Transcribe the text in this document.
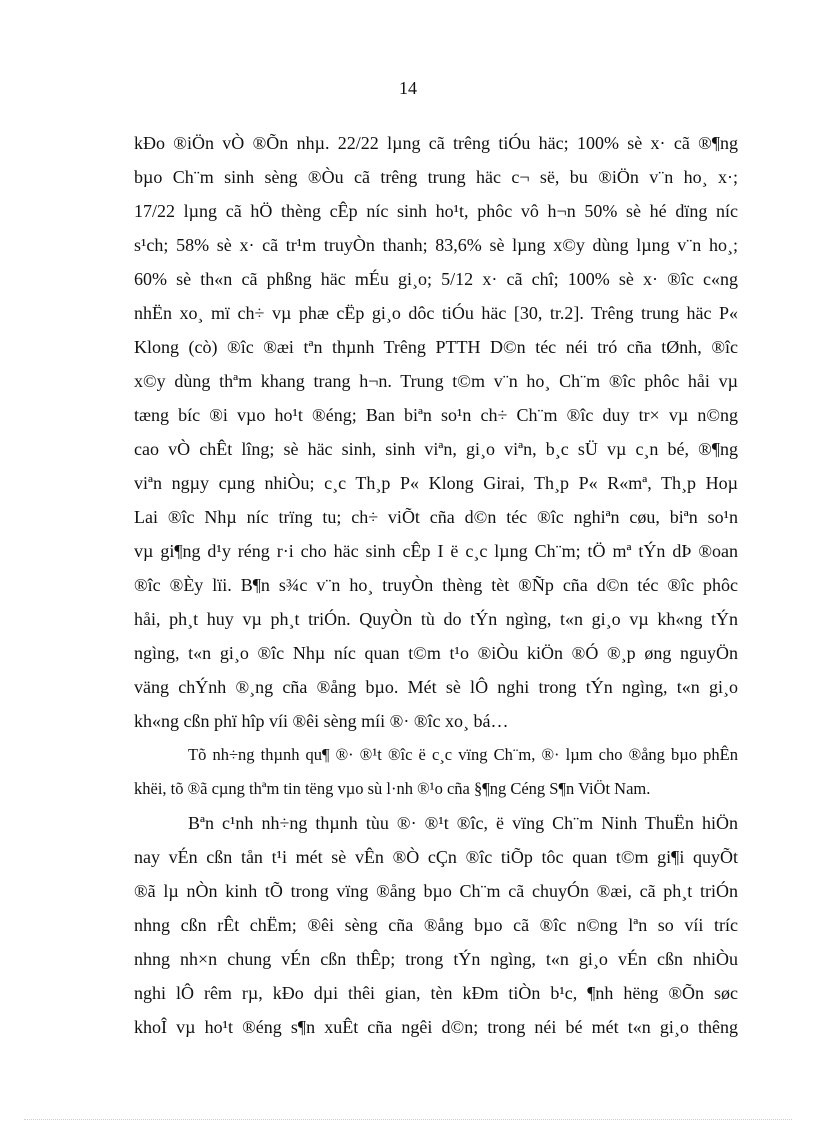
14
kÐo ®iÖn vÒ ®Õn nhµ. 22/22 lµng cã trêng tiÓu häc; 100% sè x· cã ®¶ng
bµo Ch¨m sinh sèng ®Òu cã trêng trung häc c¬ së, bu ®iÖn v¨n ho¸ x·;
17/22 lµng cã hÖ thèng cÊp níc sinh ho¹t, phôc vô h¬n 50% sè hé dïng níc
s¹ch; 58% sè x· cã tr¹m truyÒn thanh; 83,6% sè lµng x©y dùng lµng v¨n ho¸;
60% sè th«n cã phßng häc mÉu gi¸o; 5/12 x· cã chî; 100% sè x· ®îc c«ng
nhËn xo¸ mï ch÷ vµ phæ cËp gi¸o dôc tiÓu häc [30, tr.2]. Trêng trung häc P«
Klong (cò) ®îc ®æi tªn thµnh Trêng PTTH D©n téc néi tró cña tØnh, ®îc
x©y dùng thªm khang trang h¬n. Trung t©m v¨n ho¸ Ch¨m ®îc phôc håi vµ
tæng bíc ®i vµo ho¹t ®éng; Ban biªn so¹n ch÷ Ch¨m ®îc duy tr× vµ n©ng
cao vÒ chÊt lîng; sè häc sinh, sinh viªn, gi¸o viªn, b¸c sÜ vµ c¸n bé, ®¶ng
viªn ngµy cµng nhiÒu; c¸c Th¸p P« Klong Girai, Th¸p P« R«mª, Th¸p Hoµ
Lai ®îc Nhµ níc trïng tu; ch÷ viÕt cña d©n téc ®îc nghiªn cøu, biªn so¹n
vµ gi¶ng d¹y réng r·i cho häc sinh cÊp I ë c¸c lµng Ch¨m; tÖ mª tÝn dÞ ®oan
®îc ®Èy lïi. B¶n s¾c v¨n ho¸ truyÒn thèng tèt ®Ñp cña d©n téc ®îc phôc
håi, ph¸t huy vµ ph¸t triÓn. QuyÒn tù do tÝn ngìng, t«n gi¸o vµ kh«ng tÝn
ngìng, t«n gi¸o ®îc Nhµ níc quan t©m t¹o ®iÒu kiÖn ®Ó ®¸p øng nguyÖn
väng chÝnh ®¸ng cña ®ång bµo. Mét sè lÔ nghi trong tÝn ngìng, t«n gi¸o
kh«ng cßn phï hîp víi ®êi sèng míi ®· ®îc xo¸ bá…
Tõ nh÷ng thµnh qu¶ ®· ®¹t ®îc ë c¸c vïng Ch¨m, ®· lµm cho ®ång bµo phÊn
khëi, tõ ®ã cµng thªm tin tëng vµo sù l·nh ®¹o cña §¶ng Céng S¶n ViÖt Nam.
Bªn c¹nh nh÷ng thµnh tùu ®· ®¹t ®îc, ë vïng Ch¨m Ninh ThuËn hiÖn
nay vÉn cßn tån t¹i mét sè vÊn ®Ò cÇn ®îc tiÕp tôc quan t©m gi¶i quyÕt
®ã lµ nÒn kinh tÕ trong vïng ®ång bµo Ch¨m cã chuyÓn ®æi, cã ph¸t triÓn
nhng cßn rÊt chËm; ®êi sèng cña ®ång bµo cã ®îc n©ng lªn so víi tríc
nhng nh×n chung vÉn cßn thÊp; trong tÝn ngìng, t«n gi¸o vÉn cßn nhiÒu
nghi lÔ rêm rµ, kÐo dµi thêi gian, tèn kÐm tiÒn b¹c, ¶nh hëng ®Õn søc
khoÎ vµ ho¹t ®éng s¶n xuÊt cña ngêi d©n; trong néi bé mét t«n gi¸o thêng
